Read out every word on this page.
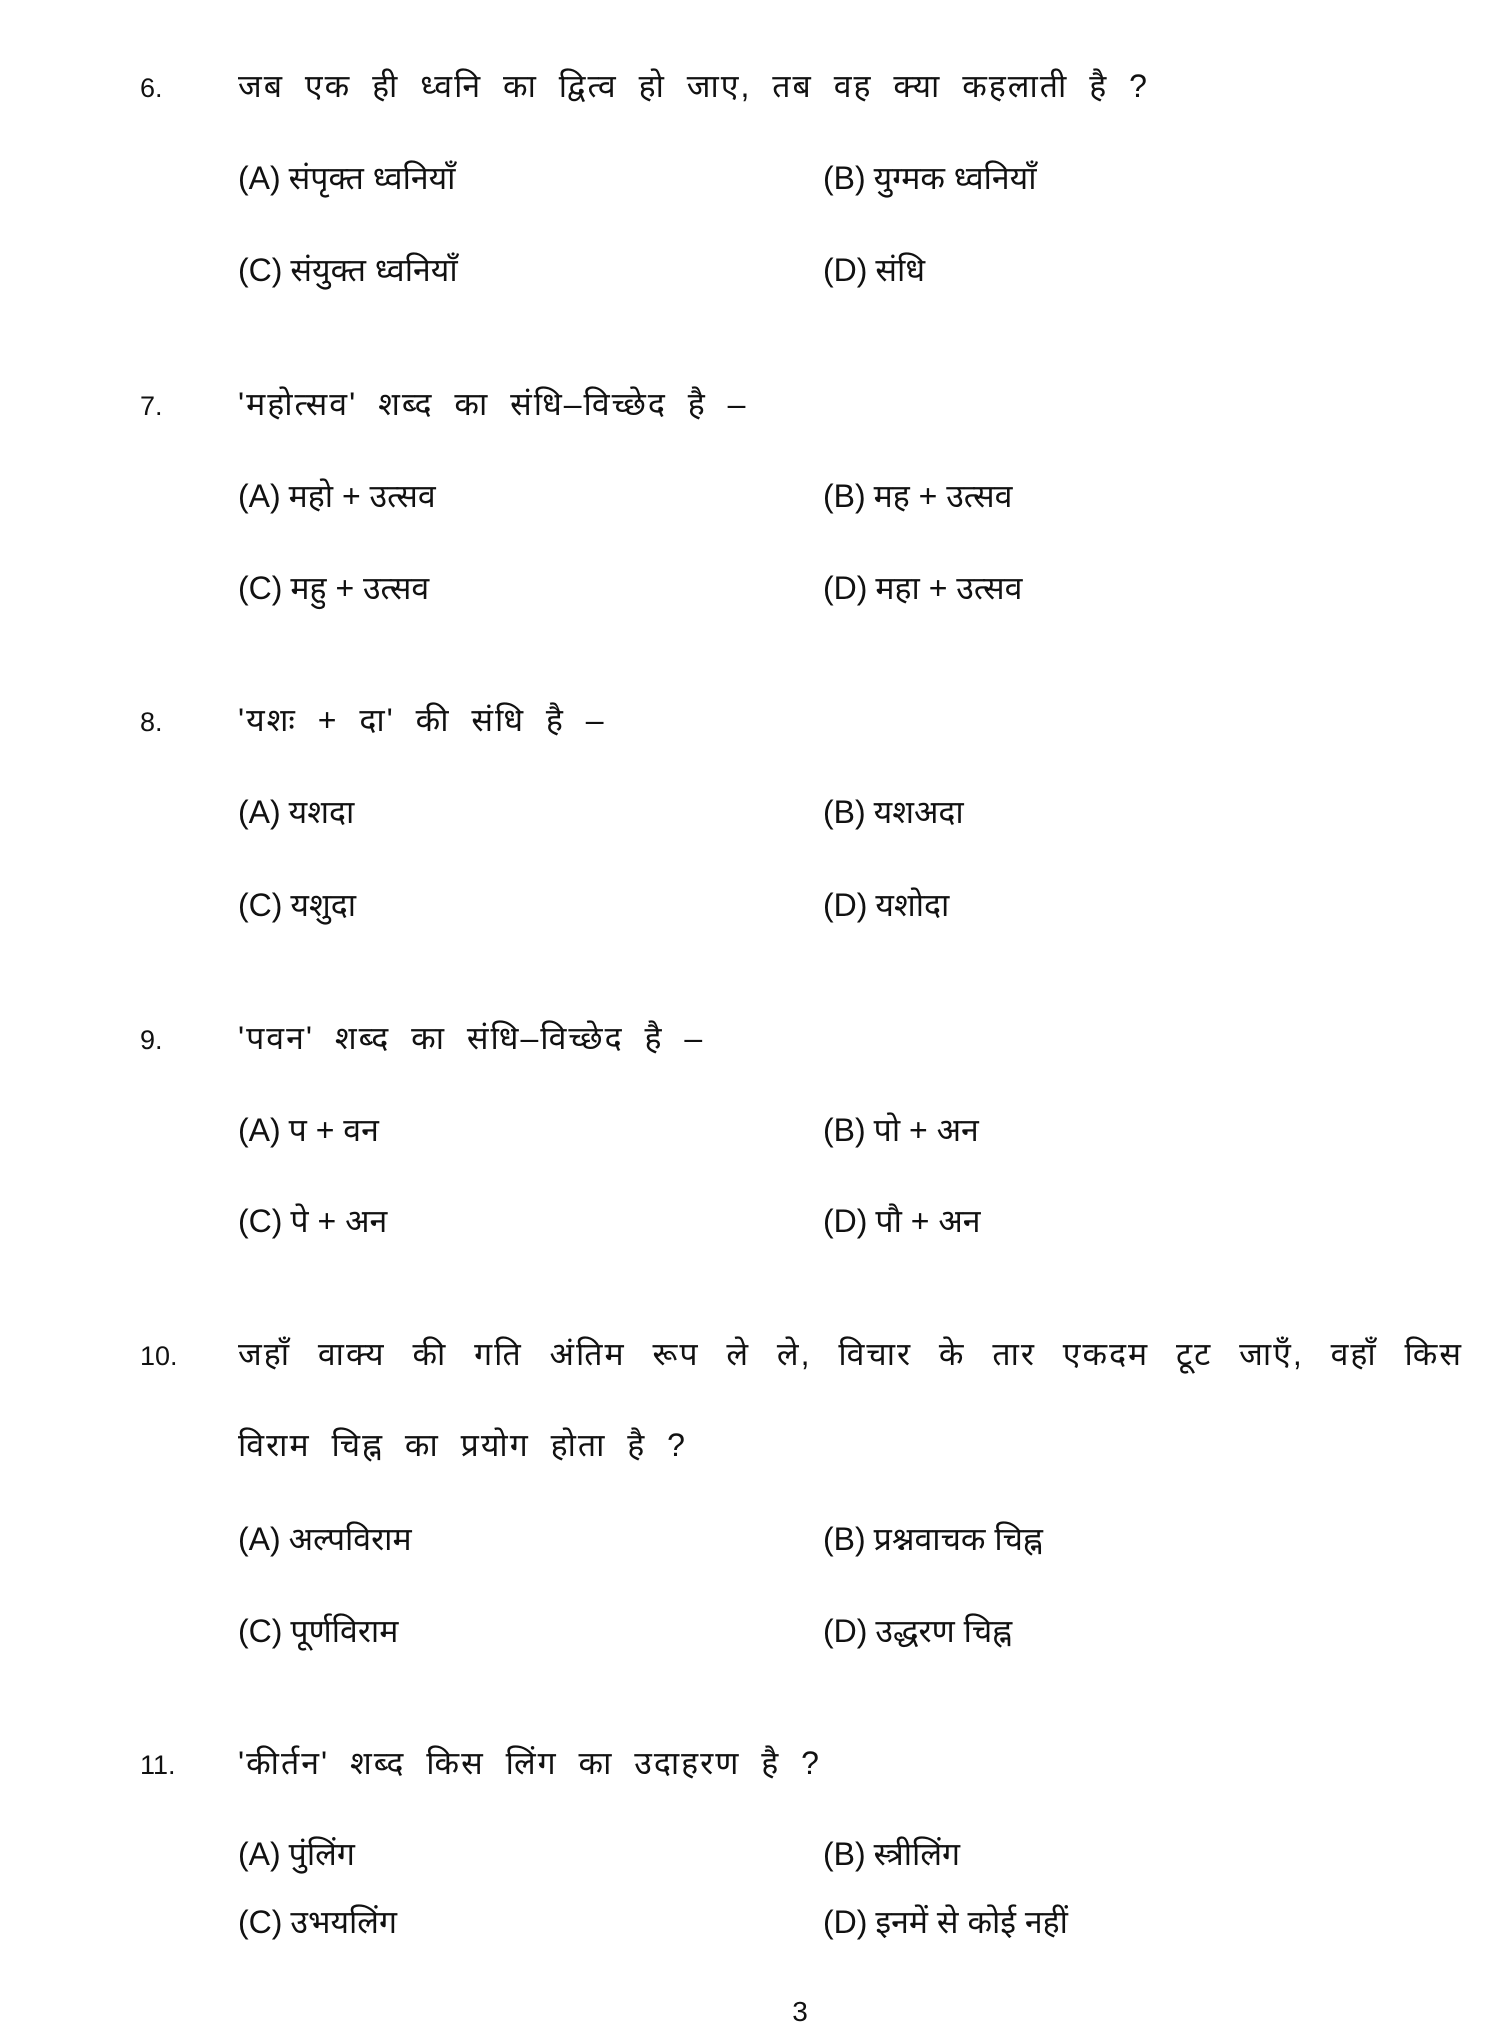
6. जब एक ही ध्वनि का द्वित्व हो जाए, तब वह क्या कहलाती है ?
(A) संपृक्त ध्वनियाँ	(B) युग्मक ध्वनियाँ
(C) संयुक्त ध्वनियाँ	(D) संधि
7. 'महोत्सव' शब्द का संधि–विच्छेद है –
(A) महो + उत्सव	(B) मह + उत्सव
(C) महु + उत्सव	(D) महा + उत्सव
8. 'यशः + दा' की संधि है –
(A) यशदा	(B) यशअदा
(C) यशुदा	(D) यशोदा
9. 'पवन' शब्द का संधि–विच्छेद है –
(A) प + वन	(B) पो + अन
(C) पे + अन	(D) पौ + अन
10. जहाँ वाक्य की गति अंतिम रूप ले ले, विचार के तार एकदम टूट जाएँ, वहाँ किस
विराम चिह्न का प्रयोग होता है ?
(A) अल्पविराम	(B) प्रश्नवाचक चिह्न
(C) पूर्णविराम	(D) उद्धरण चिह्न
11. 'कीर्तन' शब्द किस लिंग का उदाहरण है ?
(A) पुंलिंग	(B) स्त्रीलिंग
(C) उभयलिंग	(D) इनमें से कोई नहीं
3
